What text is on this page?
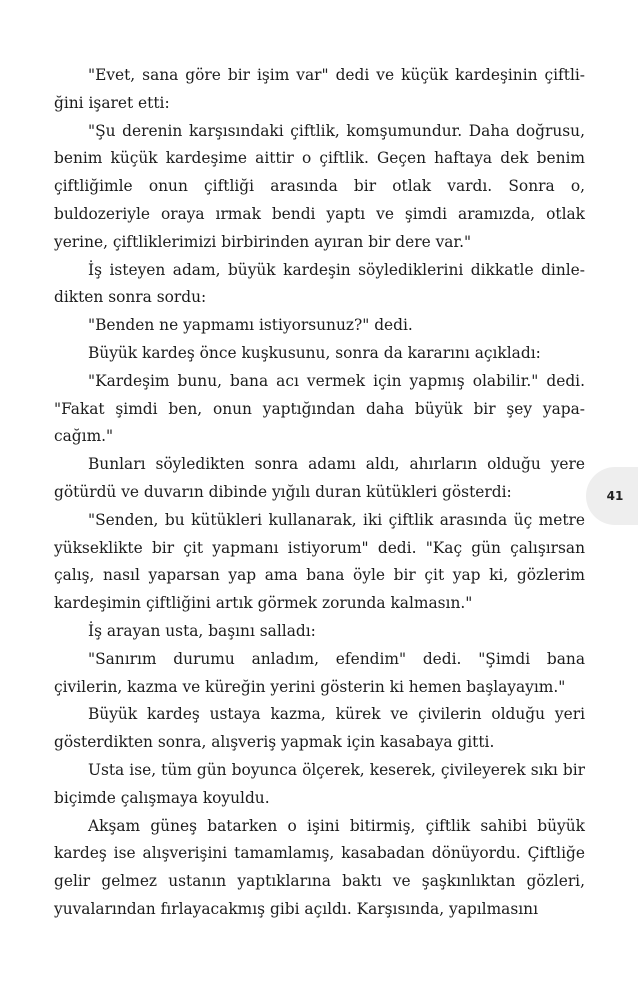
"Evet, sana göre bir işim var" dedi ve küçük kardeşinin çiftliğini işaret etti:

"Şu derenin karşısındaki çiftlik, komşumundur. Daha doğrusu, benim küçük kardeşime aittir o çiftlik. Geçen haftaya dek benim çiftliğimle onun çiftliği arasında bir otlak vardı. Sonra o, buldozeriyle oraya ırmak bendi yaptı ve şimdi aramızda, otlak yerine, çiftliklerimizi birbirinden ayıran bir dere var."

İş isteyen adam, büyük kardeşin söylediklerini dikkatle dinledikten sonra sordu:

"Benden ne yapmamı istiyorsunuz?" dedi.

Büyük kardeş önce kuşkusunu, sonra da kararını açıkladı:

"Kardeşim bunu, bana acı vermek için yapmış olabilir." dedi. "Fakat şimdi ben, onun yaptığından daha büyük bir şey yapacağım."

Bunları söyledikten sonra adamı aldı, ahırların olduğu yere götürdü ve duvarın dibinde yığılı duran kütükleri gösterdi:

"Senden, bu kütükleri kullanarak, iki çiftlik arasında üç metre yükseklikte bir çit yapmanı istiyorum" dedi. "Kaç gün çalışırsan çalış, nasıl yaparsan yap ama bana öyle bir çit yap ki, gözlerim kardeşimin çiftliğini artık görmek zorunda kalmasın."

İş arayan usta, başını salladı:

"Sanırım durumu anladım, efendim" dedi. "Şimdi bana çivilerin, kazma ve küreğin yerini gösterin ki hemen başlayayım."

Büyük kardeş ustaya kazma, kürek ve çivilerin olduğu yeri gösterdikten sonra, alışveriş yapmak için kasabaya gitti.

Usta ise, tüm gün boyunca ölçerek, keserek, çivileyerek sıkı bir biçimde çalışmaya koyuldu.

Akşam güneş batarken o işini bitirmiş, çiftlik sahibi büyük kardeş ise alışverişini tamamlamış, kasabadan dönüyordu. Çiftliğe gelir gelmez ustanın yaptıklarına baktı ve şaşkınlıktan gözleri, yuvalarından fırlayacakmış gibi açıldı. Karşısında, yapılmasını

41
